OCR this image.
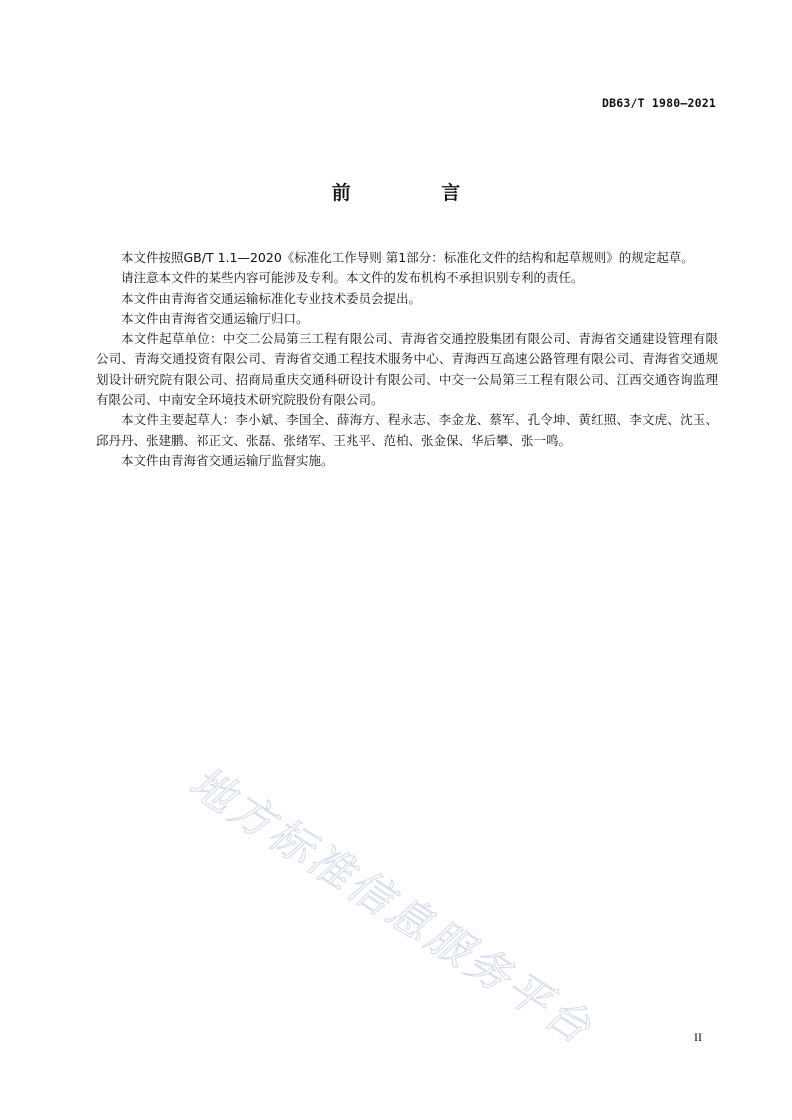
DB63/T 1980—2021
前 言

本文件按照GB/T 1.1—2020《标准化工作导则 第1部分：标准化文件的结构和起草规则》的规定起草。

请注意本文件的某些内容可能涉及专利。本文件的发布机构不承担识别专利的责任。

本文件由青海省交通运输标准化专业技术委员会提出。

本文件由青海省交通运输厅归口。

本文件起草单位：中交二公局第三工程有限公司、青海省交通控股集团有限公司、青海省交通建设管理有限公司、青海交通投资有限公司、青海省交通工程技术服务中心、青海西互高速公路管理有限公司、青海省交通规划设计研究院有限公司、招商局重庆交通科研设计有限公司、中交一公局第三工程有限公司、江西交通咨询监理有限公司、中南安全环境技术研究院股份有限公司。

本文件主要起草人：李小斌、李国全、薛海方、程永志、李金龙、蔡军、孔令坤、黄红照、李文虎、沈玉、邱丹丹、张建鹏、祁正文、张磊、张绪军、王兆平、范柏、张金保、华后攀、张一鸣。

本文件由青海省交通运输厅监督实施。

地方标准信息服务平台	II
